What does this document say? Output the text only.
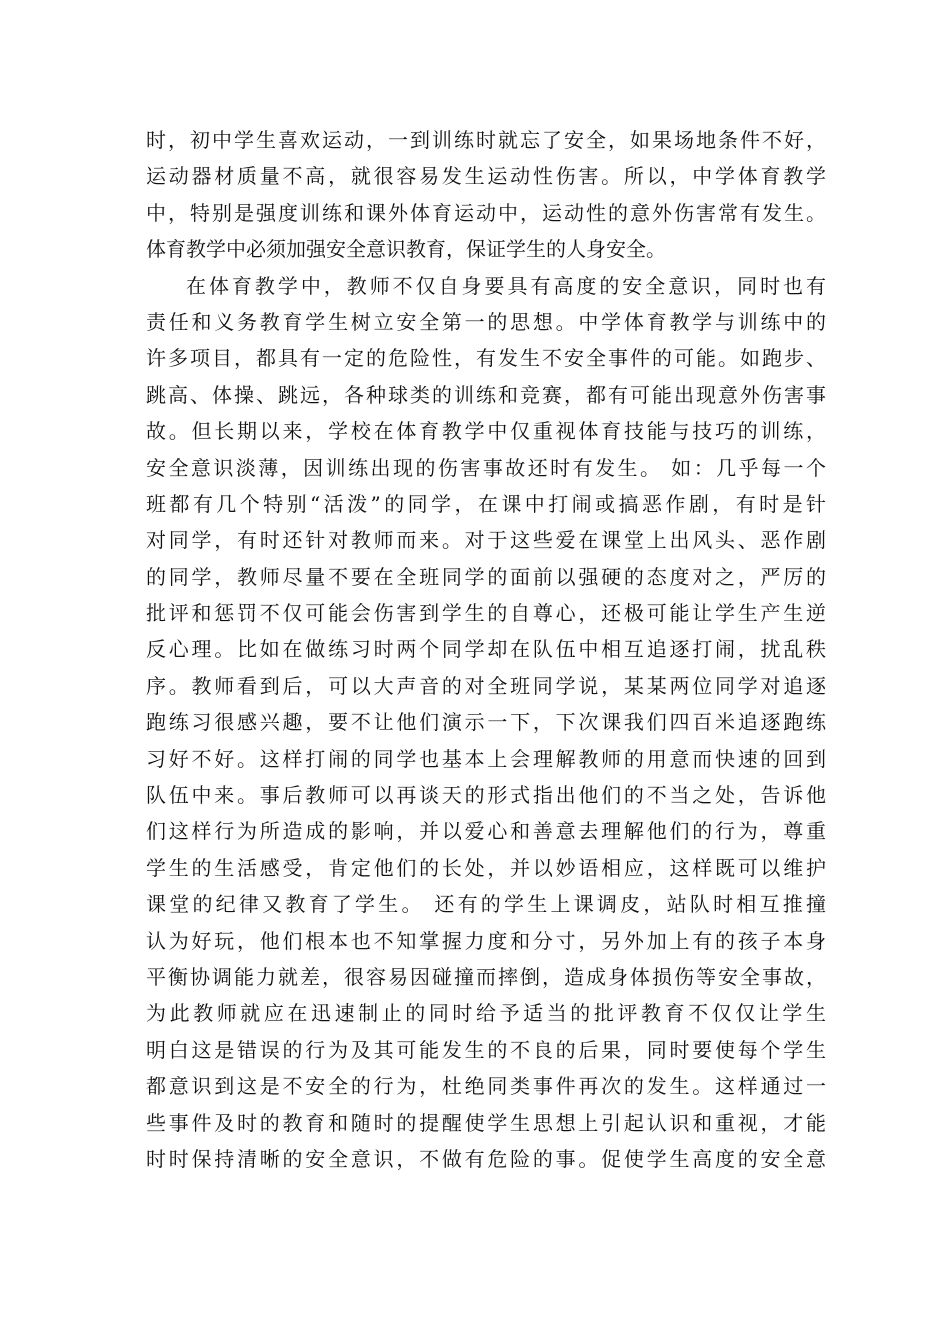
时，初中学生喜欢运动，一到训练时就忘了安全，如果场地条件不好，
运动器材质量不高，就很容易发生运动性伤害。所以，中学体育教学
中，特别是强度训练和课外体育运动中，运动性的意外伤害常有发生。
体育教学中必须加强安全意识教育，保证学生的人身安全。
在体育教学中，教师不仅自身要具有高度的安全意识，同时也有
责任和义务教育学生树立安全第一的思想。中学体育教学与训练中的
许多项目，都具有一定的危险性，有发生不安全事件的可能。如跑步、
跳高、体操、跳远，各种球类的训练和竞赛，都有可能出现意外伤害事
故。但长期以来，学校在体育教学中仅重视体育技能与技巧的训练，
安全意识淡薄，因训练出现的伤害事故还时有发生。 如：几乎每一个
班都有几个特别“活泼”的同学，在课中打闹或搞恶作剧，有时是针
对同学，有时还针对教师而来。对于这些爱在课堂上出风头、恶作剧
的同学，教师尽量不要在全班同学的面前以强硬的态度对之，严厉的
批评和惩罚不仅可能会伤害到学生的自尊心，还极可能让学生产生逆
反心理。比如在做练习时两个同学却在队伍中相互追逐打闹，扰乱秩
序。教师看到后，可以大声音的对全班同学说，某某两位同学对追逐
跑练习很感兴趣，要不让他们演示一下，下次课我们四百米追逐跑练
习好不好。这样打闹的同学也基本上会理解教师的用意而快速的回到
队伍中来。事后教师可以再谈天的形式指出他们的不当之处，告诉他
们这样行为所造成的影响，并以爱心和善意去理解他们的行为，尊重
学生的生活感受，肯定他们的长处，并以妙语相应，这样既可以维护
课堂的纪律又教育了学生。 还有的学生上课调皮，站队时相互推撞
认为好玩，他们根本也不知掌握力度和分寸，另外加上有的孩子本身
平衡协调能力就差，很容易因碰撞而摔倒，造成身体损伤等安全事故，
为此教师就应在迅速制止的同时给予适当的批评教育不仅仅让学生
明白这是错误的行为及其可能发生的不良的后果，同时要使每个学生
都意识到这是不安全的行为，杜绝同类事件再次的发生。这样通过一
些事件及时的教育和随时的提醒使学生思想上引起认识和重视，才能
时时保持清晰的安全意识，不做有危险的事。促使学生高度的安全意
